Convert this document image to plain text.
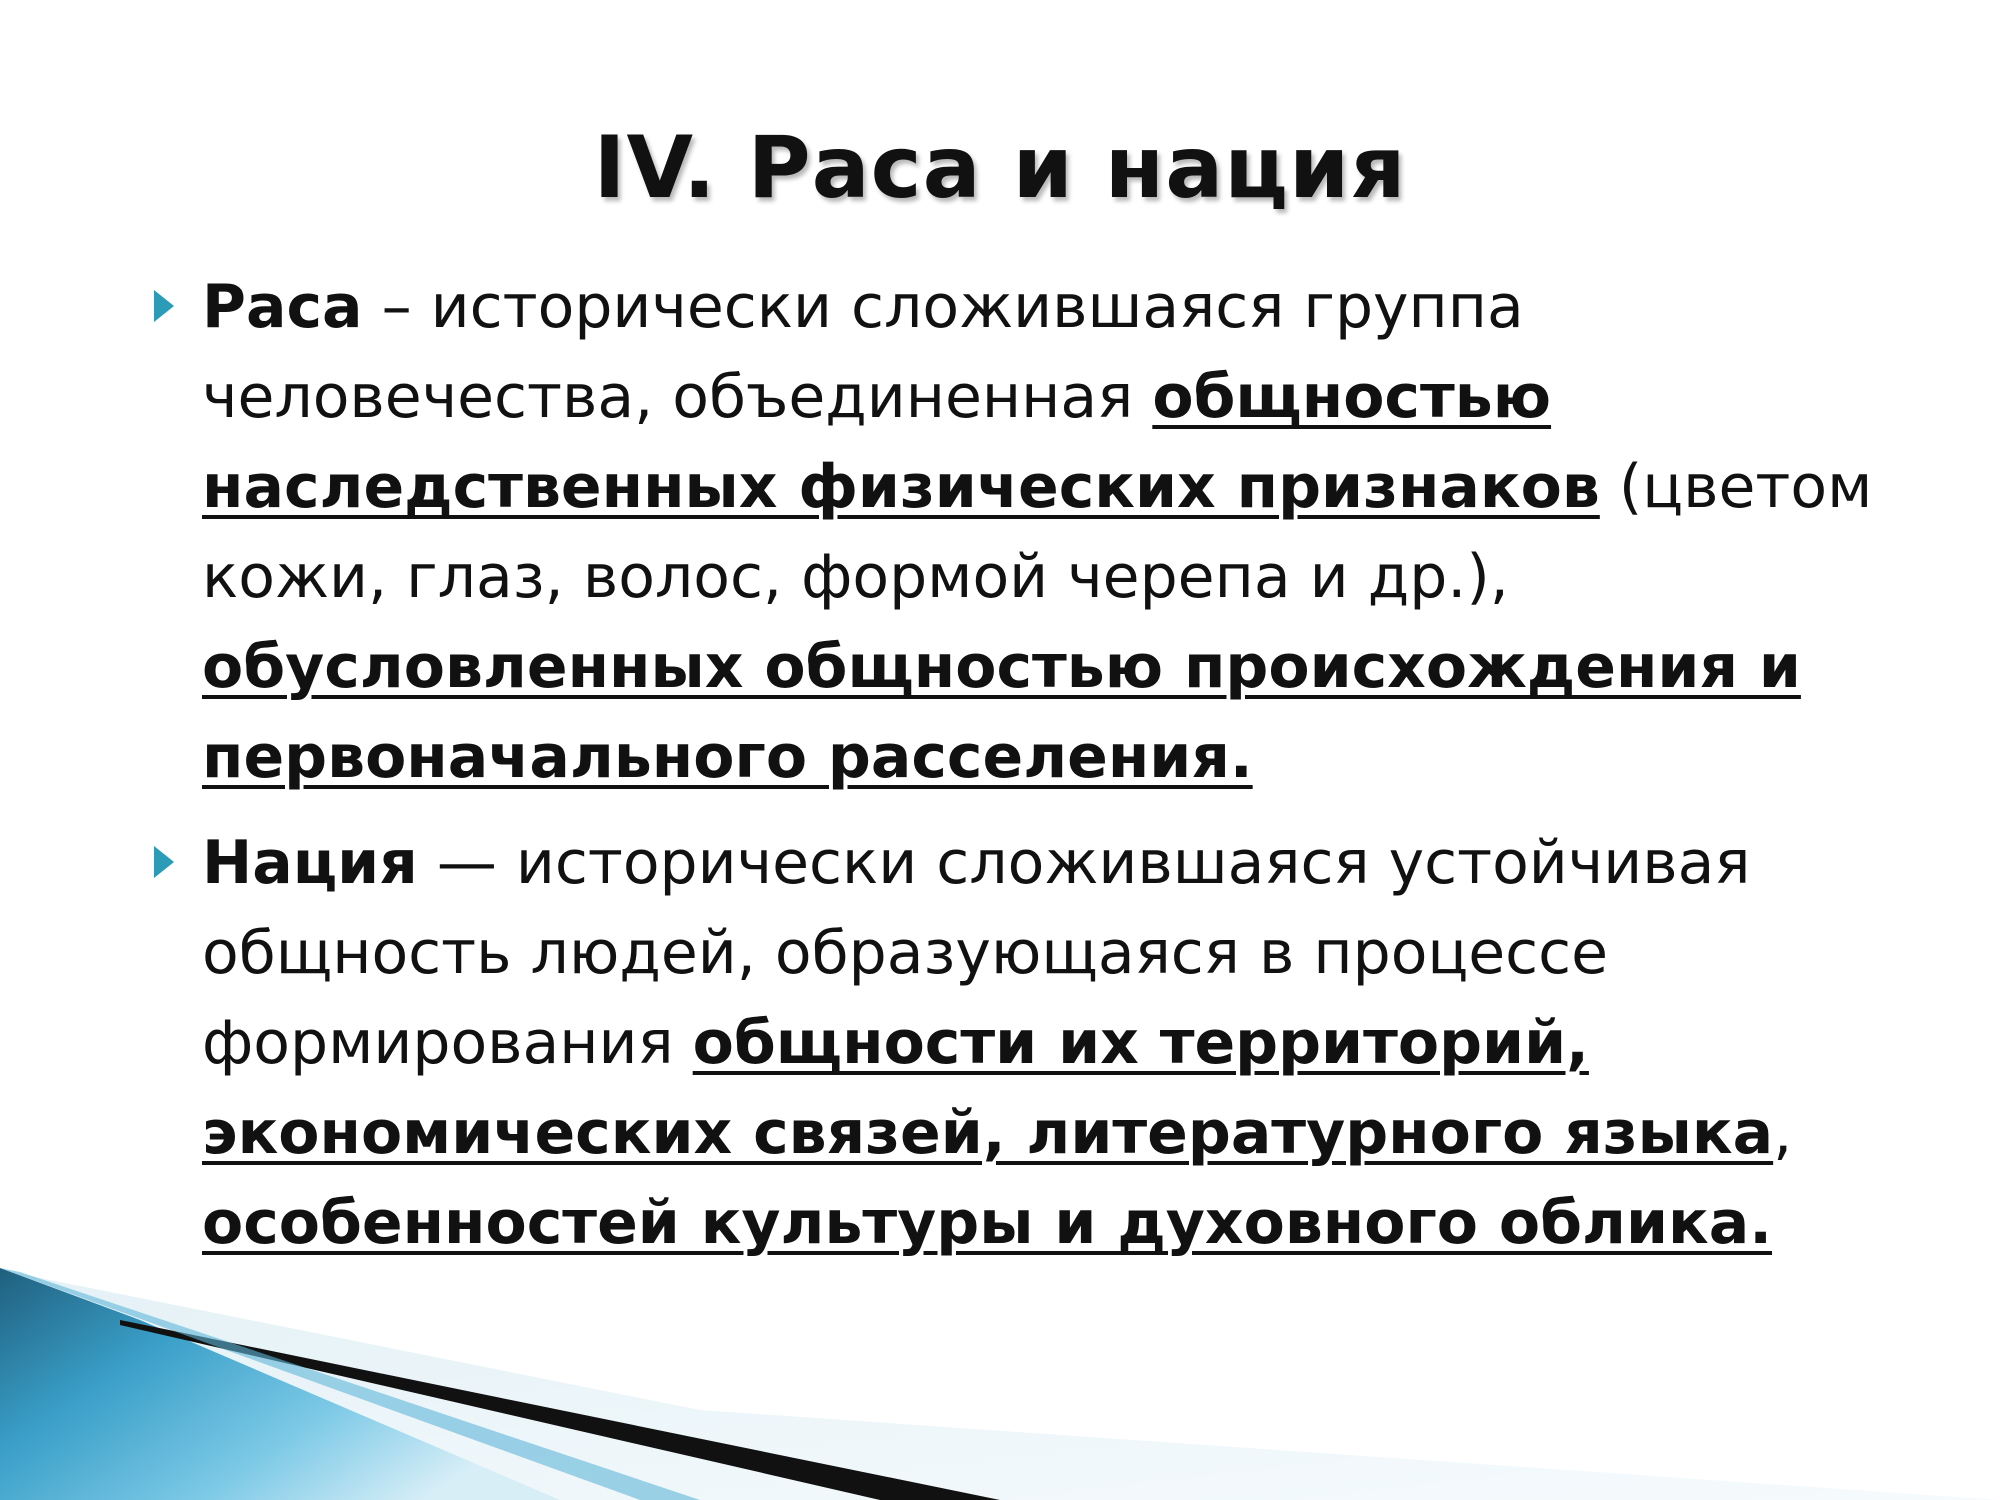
IV. Раса и нация
Раса – исторически сложившаяся группа человечества, объединенная общностью наследственных физических признаков (цветом кожи, глаз, волос, формой черепа и др.), обусловленных общностью происхождения и первоначального расселения.
Нация — исторически сложившаяся устойчивая общность людей, образующаяся в процессе формирования общности их территорий, экономических связей, литературного языка, особенностей культуры и духовного облика.
